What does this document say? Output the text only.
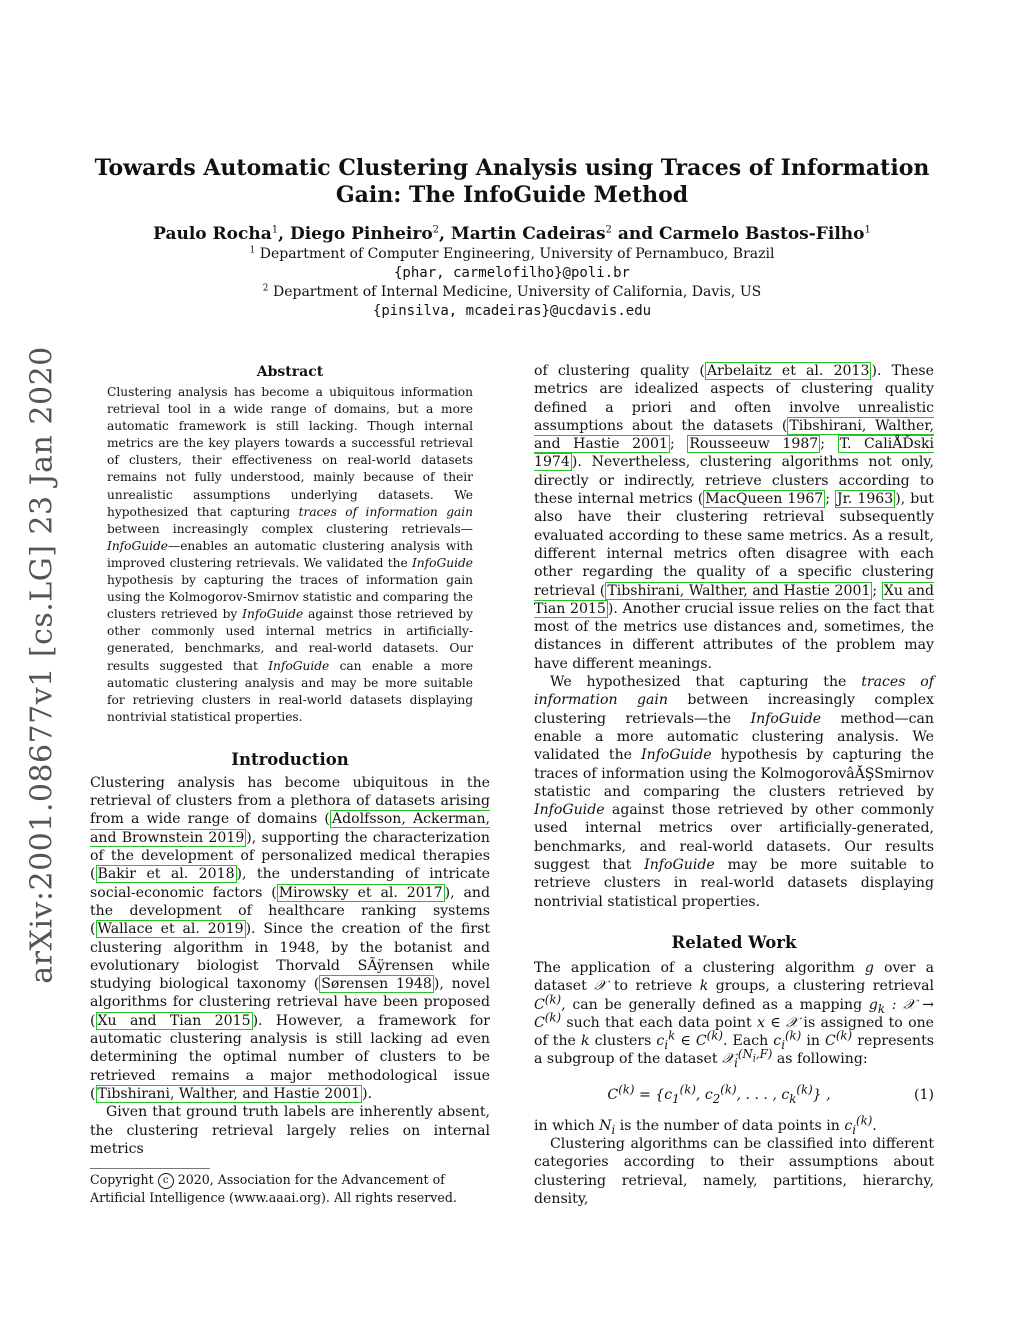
arXiv:2001.08677v1 [cs.LG] 23 Jan 2020
Towards Automatic Clustering Analysis using Traces of Information
Gain: The InfoGuide Method
Paulo Rocha$^1$, Diego Pinheiro$^2$, Martin Cadeiras$^2$ and Carmelo Bastos-Filho$^1$
$^1$ Department of Computer Engineering, University of Pernambuco, Brazil
{phar, carmelofilho}@poli.br
$^2$ Department of Internal Medicine, University of California, Davis, US
{pinsilva, mcadeiras}@ucdavis.edu
Abstract

Clustering analysis has become a ubiquitous information retrieval tool in a wide range of domains, but a more automatic framework is still lacking. Though internal metrics are the key players towards a successful retrieval of clusters, their effectiveness on real-world datasets remains not fully understood, mainly because of their unrealistic assumptions underlying datasets. We hypothesized that capturing traces of information gain between increasingly complex clustering retrievals—InfoGuide—enables an automatic clustering analysis with improved clustering retrievals. We validated the InfoGuide hypothesis by capturing the traces of information gain using the Kolmogorov-Smirnov statistic and comparing the clusters retrieved by InfoGuide against those retrieved by other commonly used internal metrics in artificially-generated, benchmarks, and real-world datasets. Our results suggested that InfoGuide can enable a more automatic clustering analysis and may be more suitable for retrieving clusters in real-world datasets displaying nontrivial statistical properties.

Introduction

Clustering analysis has become ubiquitous in the retrieval of clusters from a plethora of datasets arising from a wide range of domains ( Adolfsson, Ackerman, and Brownstein 2019 ), supporting the characterization of the development of personalized medical therapies ( Bakir et al. 2018 ), the understanding of intricate social-economic factors ( Mirowsky et al. 2017 ), and the development of healthcare ranking systems ( Wallace et al. 2019 ). Since the creation of the first clustering algorithm in 1948, by the botanist and evolutionary biologist Thorvald SÃÿrensen while studying biological taxonomy ( Sørensen 1948 ), novel algorithms for clustering retrieval have been proposed ( Xu and Tian 2015 ). However, a framework for automatic clustering analysis is still lacking ad even determining the optimal number of clusters to be retrieved remains a major methodological issue ( Tibshirani, Walther, and Hastie 2001 ).

Given that ground truth labels are inherently absent, the clustering retrieval largely relies on internal metrics

Copyright c 2020, Association for the Advancement of Artificial Intelligence (www.aaai.org). All rights reserved.

of clustering quality ( Arbelaitz et al. 2013 ). These metrics are idealized aspects of clustering quality defined a priori and often involve unrealistic assumptions about the datasets ( Tibshirani, Walther, and Hastie 2001 ; Rousseeuw 1987 ; T. CaliÅĎski 1974 ). Nevertheless, clustering algorithms not only, directly or indirectly, retrieve clusters according to these internal metrics ( MacQueen 1967 ; Jr. 1963 ), but also have their clustering retrieval subsequently evaluated according to these same metrics. As a result, different internal metrics often disagree with each other regarding the quality of a specific clustering retrieval ( Tibshirani, Walther, and Hastie 2001 ; Xu and Tian 2015 ). Another crucial issue relies on the fact that most of the metrics use distances and, sometimes, the distances in different attributes of the problem may have different meanings.

We hypothesized that capturing the traces of information gain between increasingly complex clustering retrievals—the InfoGuide method—can enable a more automatic clustering analysis. We validated the InfoGuide hypothesis by capturing the traces of information using the KolmogorovâĂŞSmirnov statistic and comparing the clusters retrieved by InfoGuide against those retrieved by other commonly used internal metrics over artificially-generated, benchmarks, and real-world datasets. Our results suggest that InfoGuide may be more suitable to retrieve clusters in real-world datasets displaying nontrivial statistical properties.

Related Work

The application of a clustering algorithm g over a dataset 𝒳 to retrieve k groups, a clustering retrieval $C^{(k)}$, can be generally defined as a mapping $g_k$ : 𝒳 → $C^{(k)}$ such that each data point x ∈ 𝒳 is assigned to one of the k clusters $c_i^k$ ∈ $C^{(k)}$. Each $c_i^{(k)}$ in $C^{(k)}$ represents a subgroup of the dataset 𝒳$_i^{(N_i,F)}$ as following:

$C^{(k)} = \{c_1^{(k)}$, $c_2^{(k)}$, . . . , $c_k^{(k)}$} ,	(1)

in which $N_i$ is the number of data points in $c_i^{(k)}$.

Clustering algorithms can be classified into different categories according to their assumptions about clustering retrieval, namely, partitions, hierarchy, density,
